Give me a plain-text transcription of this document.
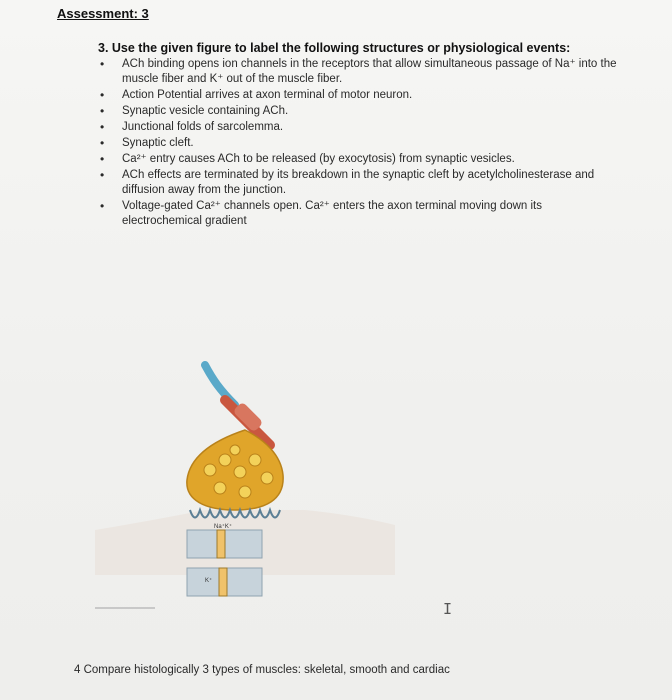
Assessment: 3
3. Use the given figure to label the following structures or physiological events:
• ACh binding opens ion channels in the receptors that allow simultaneous passage of Na⁺ into the muscle fiber and K⁺ out of the muscle fiber.
• Action Potential arrives at axon terminal of motor neuron.
• Synaptic vesicle containing ACh.
• Junctional folds of sarcolemma.
• Synaptic cleft.
• Ca²⁺ entry causes ACh to be released (by exocytosis) from synaptic vesicles.
• ACh effects are terminated by its breakdown in the synaptic cleft by acetylcholinesterase and diffusion away from the junction.
• Voltage-gated Ca²⁺ channels open. Ca²⁺ enters the axon terminal moving down its electrochemical gradient
Na⁺K⁺
K⁺
I
4 Compare histologically 3 types of muscles: skeletal, smooth and cardiac
